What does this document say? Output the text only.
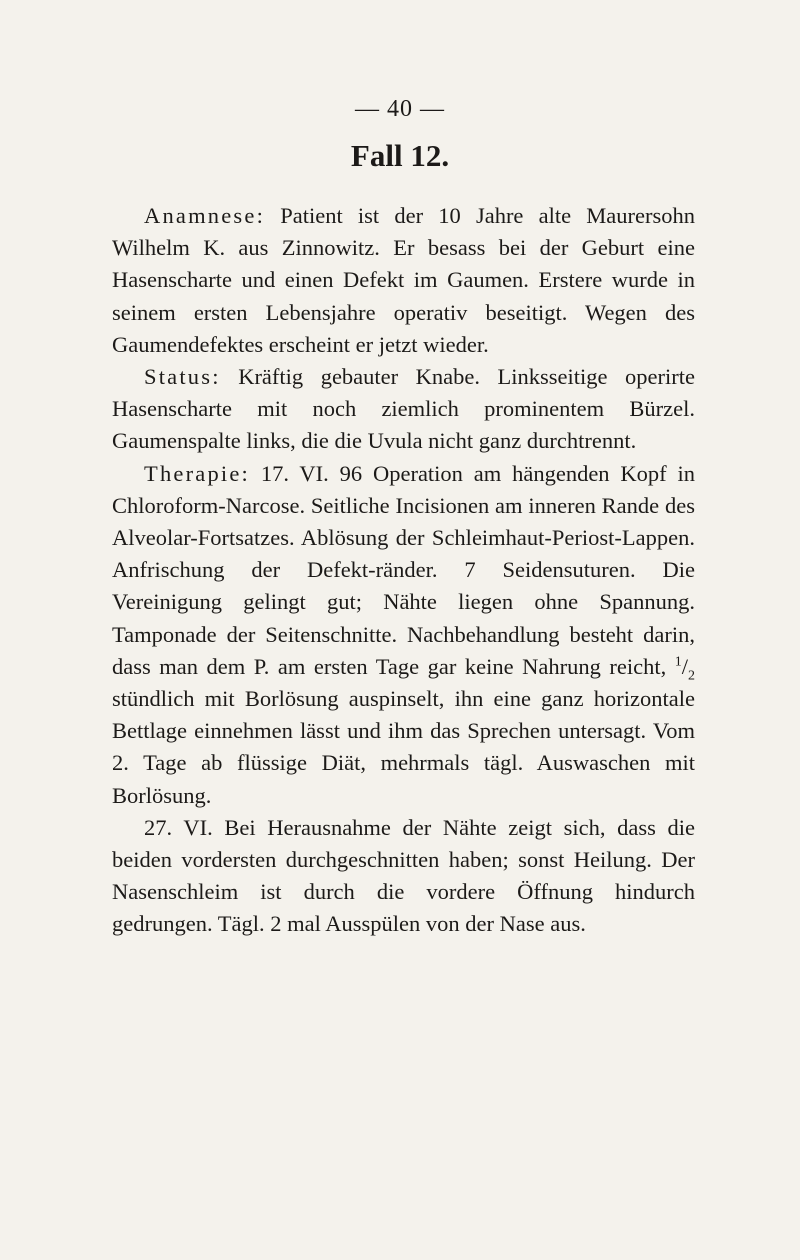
— 40 —
Fall 12.

Anamnese: Patient ist der 10 Jahre alte Maurersohn Wilhelm K. aus Zinnowitz. Er besass bei der Geburt eine Hasenscharte und einen Defekt im Gaumen. Erstere wurde in seinem ersten Lebensjahre operativ beseitigt. Wegen des Gaumendefektes erscheint er jetzt wieder.

Status: Kräftig gebauter Knabe. Linksseitige operirte Hasenscharte mit noch ziemlich prominentem Bürzel. Gaumenspalte links, die die Uvula nicht ganz durchtrennt.

Therapie: 17. VI. 96 Operation am hängenden Kopf in Chloroform-Narcose. Seitliche Incisionen am inneren Rande des Alveolar-Fortsatzes. Ablösung der Schleimhaut-Periost-Lappen. Anfrischung der Defekt-ränder. 7 Seidensuturen. Die Vereinigung gelingt gut; Nähte liegen ohne Spannung. Tamponade der Seitenschnitte. Nachbehandlung besteht darin, dass man dem P. am ersten Tage gar keine Nahrung reicht, $^1/_2$ stündlich mit Borlösung auspinselt, ihn eine ganz horizontale Bettlage einnehmen lässt und ihm das Sprechen untersagt. Vom 2. Tage ab flüssige Diät, mehrmals tägl. Auswaschen mit Borlösung.

27. VI. Bei Herausnahme der Nähte zeigt sich, dass die beiden vordersten durchgeschnitten haben; sonst Heilung. Der Nasenschleim ist durch die vordere Öffnung hindurch gedrungen. Tägl. 2 mal Ausspülen von der Nase aus.
